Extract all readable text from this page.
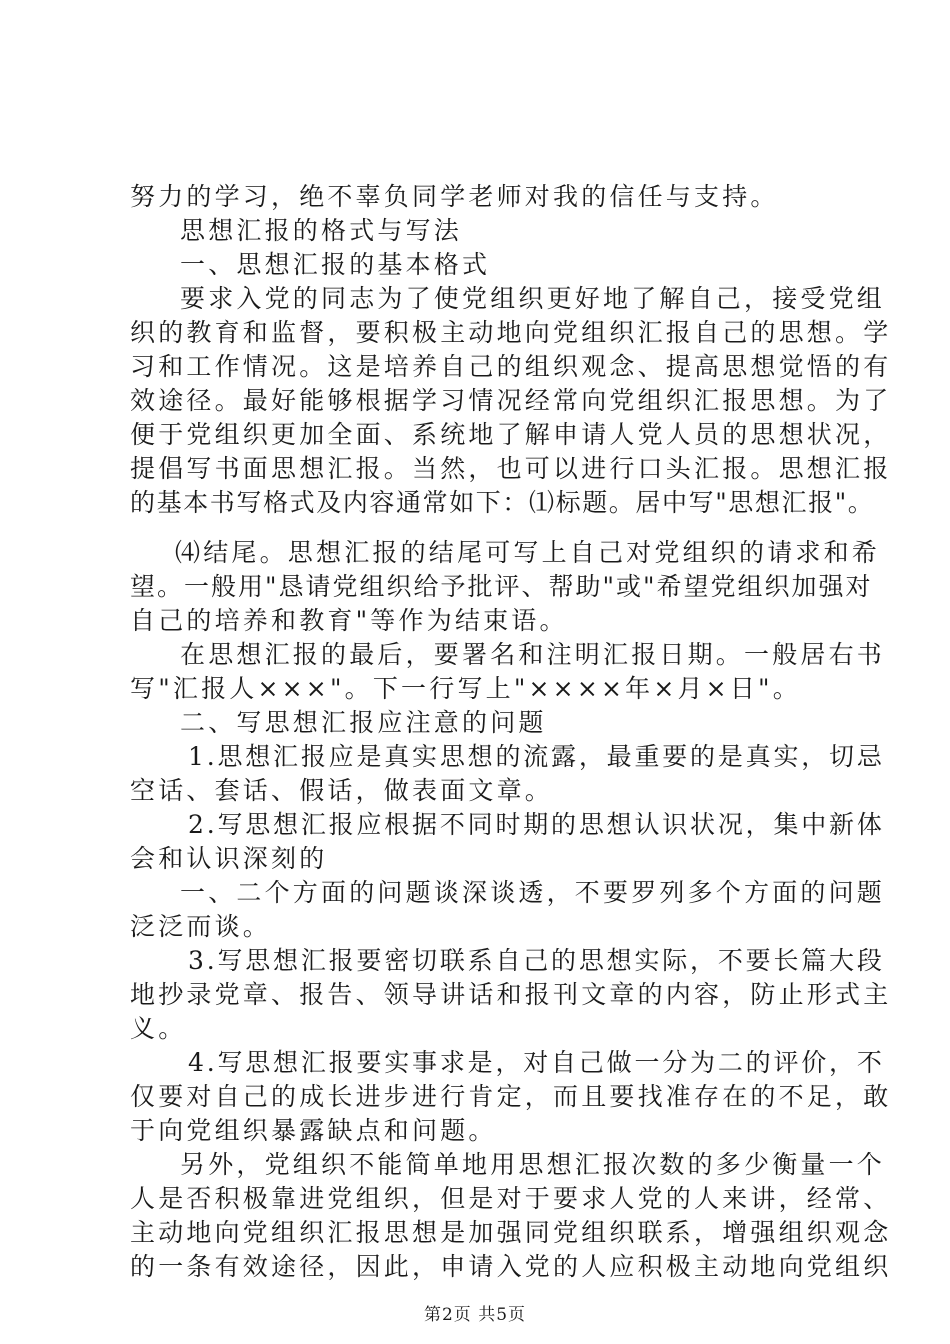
努力的学习，绝不辜负同学老师对我的信任与支持。
思想汇报的格式与写法
一、思想汇报的基本格式
要求入党的同志为了使党组织更好地了解自己，接受党组
织的教育和监督，要积极主动地向党组织汇报自己的思想。学
习和工作情况。这是培养自己的组织观念、提高思想觉悟的有
效途径。最好能够根据学习情况经常向党组织汇报思想。为了
便于党组织更加全面、系统地了解申请人党人员的思想状况，
提倡写书面思想汇报。当然，也可以进行口头汇报。思想汇报
的基本书写格式及内容通常如下：⑴标题。居中写"思想汇报"。
⑷结尾。思想汇报的结尾可写上自己对党组织的请求和希
望。一般用"恳请党组织给予批评、帮助"或"希望党组织加强对
自己的培养和教育"等作为结束语。
在思想汇报的最后，要署名和注明汇报日期。一般居右书
写"汇报人×××"。下一行写上"××××年×月×日"。
二、写思想汇报应注意的问题
1.思想汇报应是真实思想的流露，最重要的是真实，切忌
空话、套话、假话，做表面文章。
2.写思想汇报应根据不同时期的思想认识状况，集中新体
会和认识深刻的
一、二个方面的问题谈深谈透，不要罗列多个方面的问题
泛泛而谈。
3.写思想汇报要密切联系自己的思想实际，不要长篇大段
地抄录党章、报告、领导讲话和报刊文章的内容，防止形式主
义。
4.写思想汇报要实事求是，对自己做一分为二的评价，不
仅要对自己的成长进步进行肯定，而且要找准存在的不足，敢
于向党组织暴露缺点和问题。
另外，党组织不能简单地用思想汇报次数的多少衡量一个
人是否积极靠进党组织，但是对于要求人党的人来讲，经常、
主动地向党组织汇报思想是加强同党组织联系，增强组织观念
的一条有效途径，因此，申请入党的人应积极主动地向党组织
第2页 共5页
